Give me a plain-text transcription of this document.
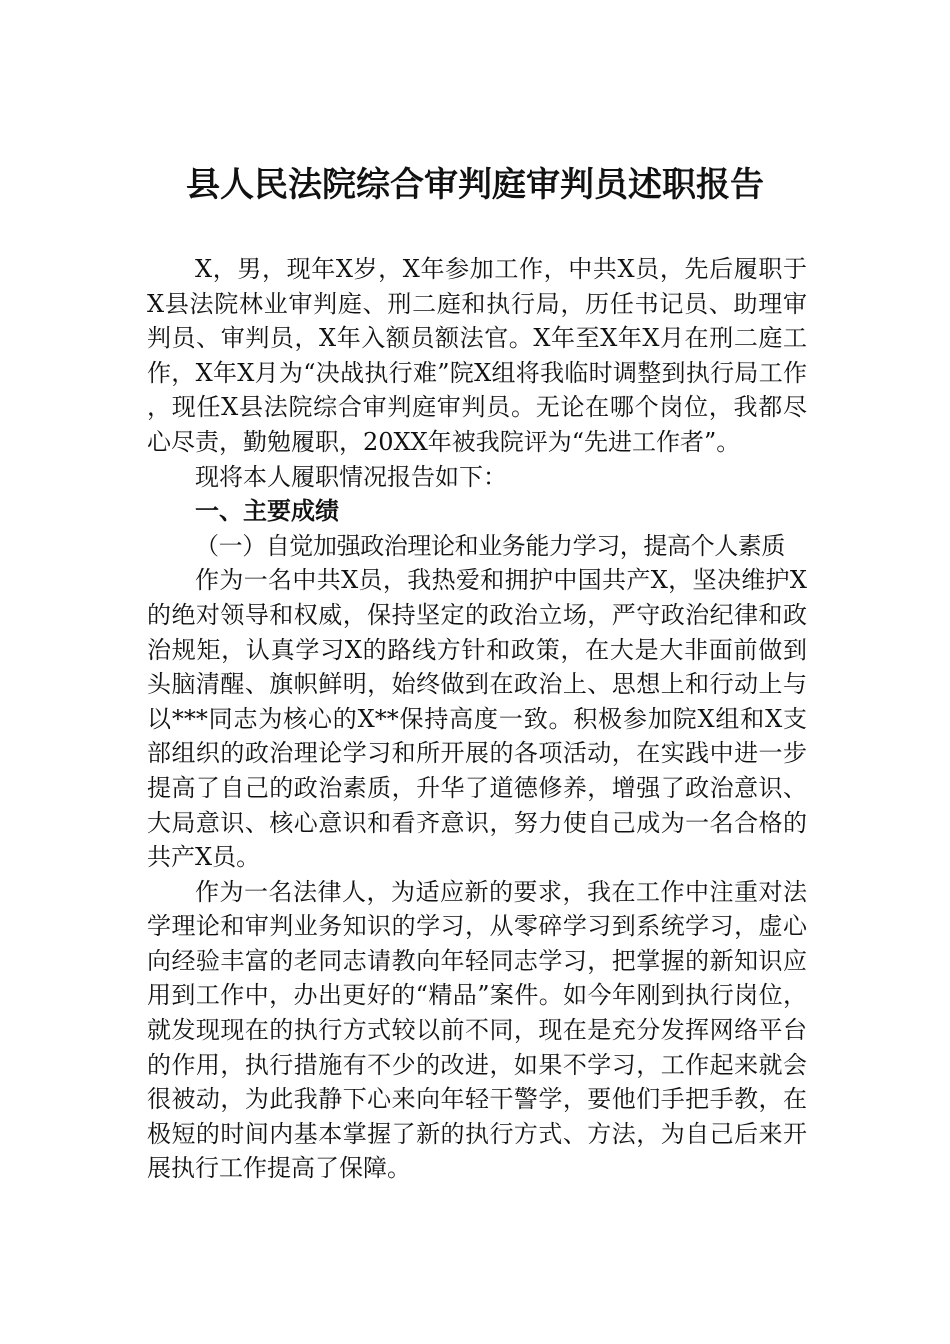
县人民法院综合审判庭审判员述职报告

X，男，现年X岁，X年参加工作，中共X员，先后履职于X县法院林业审判庭、刑二庭和执行局，历任书记员、助理审判员、审判员，X年入额员额法官。X年至X年X月在刑二庭工作，X年X月为“决战执行难”院X组将我临时调整到执行局工作，现任X县法院综合审判庭审判员。无论在哪个岗位，我都尽心尽责，勤勉履职，20XX年被我院评为“先进工作者”。

现将本人履职情况报告如下：

一、主要成绩

（一）自觉加强政治理论和业务能力学习，提高个人素质

作为一名中共X员，我热爱和拥护中国共产X，坚决维护X的绝对领导和权威，保持坚定的政治立场，严守政治纪律和政治规矩，认真学习X的路线方针和政策，在大是大非面前做到头脑清醒、旗帜鲜明，始终做到在政治上、思想上和行动上与以***同志为核心的X**保持高度一致。积极参加院X组和X支部组织的政治理论学习和所开展的各项活动，在实践中进一步提高了自己的政治素质，升华了道德修养，增强了政治意识、大局意识、核心意识和看齐意识，努力使自己成为一名合格的共产X员。

作为一名法律人，为适应新的要求，我在工作中注重对法学理论和审判业务知识的学习，从零碎学习到系统学习，虚心向经验丰富的老同志请教向年轻同志学习，把掌握的新知识应用到工作中，办出更好的“精品”案件。如今年刚到执行岗位，就发现现在的执行方式较以前不同，现在是充分发挥网络平台的作用，执行措施有不少的改进，如果不学习，工作起来就会很被动，为此我静下心来向年轻干警学，要他们手把手教，在极短的时间内基本掌握了新的执行方式、方法，为自己后来开展执行工作提高了保障。
